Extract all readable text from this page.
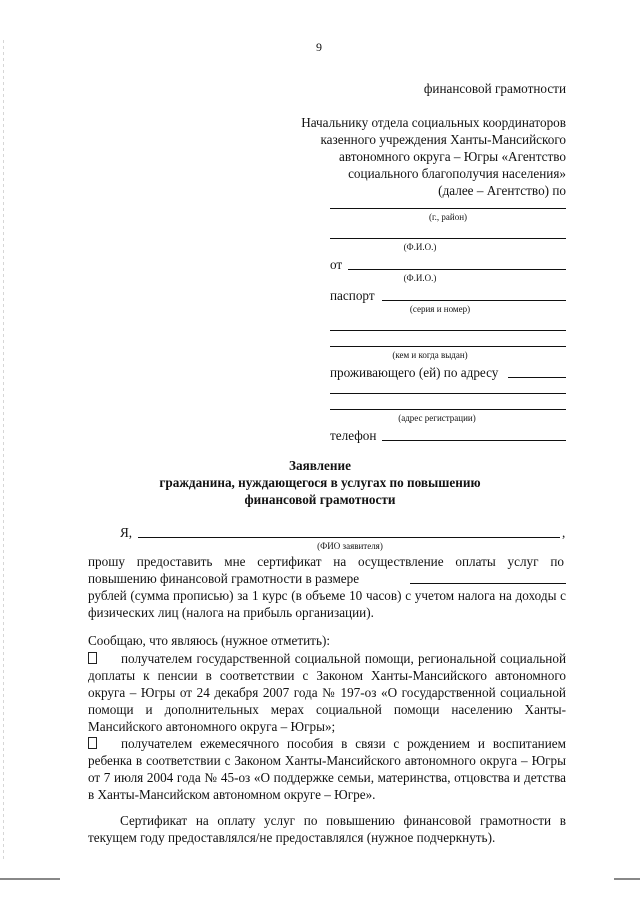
9
финансовой грамотности
Начальнику отдела социальных координаторов
казенного учреждения Ханты-Мансийского
автономного округа – Югры «Агентство
социального благополучия населения»
(далее – Агентство) по
(г., район)
(Ф.И.О.)
от
(Ф.И.О.)
паспорт
(серия и номер)
(кем и когда выдан)
проживающего (ей) по адресу
(адрес регистрации)
телефон
Заявление
гражданина, нуждающегося в услугах по повышению
финансовой грамотности
Я,	,
(ФИО заявителя)
прошу предоставить мне сертификат на осуществление оплаты услуг по повышению финансовой грамотности в размере
рублей (сумма прописью) за 1 курс (в объеме 10 часов) с учетом налога на доходы с физических лиц (налога на прибыль организации).
Сообщаю, что являюсь (нужное отметить):
получателем государственной социальной помощи, региональной социальной доплаты к пенсии в соответствии с Законом Ханты-Мансийского автономного округа – Югры от 24 декабря 2007 года № 197-оз «О государственной социальной помощи и дополнительных мерах социальной помощи населению Ханты-Мансийского автономного округа – Югры»;
получателем ежемесячного пособия в связи с рождением и воспитанием ребенка в соответствии с Законом Ханты-Мансийского автономного округа – Югры от 7 июля 2004 года № 45-оз «О поддержке семьи, материнства, отцовства и детства в Ханты-Мансийском автономном округе – Югре».
Сертификат на оплату услуг по повышению финансовой грамотности в текущем году предоставлялся/не предоставлялся (нужное подчеркнуть).
